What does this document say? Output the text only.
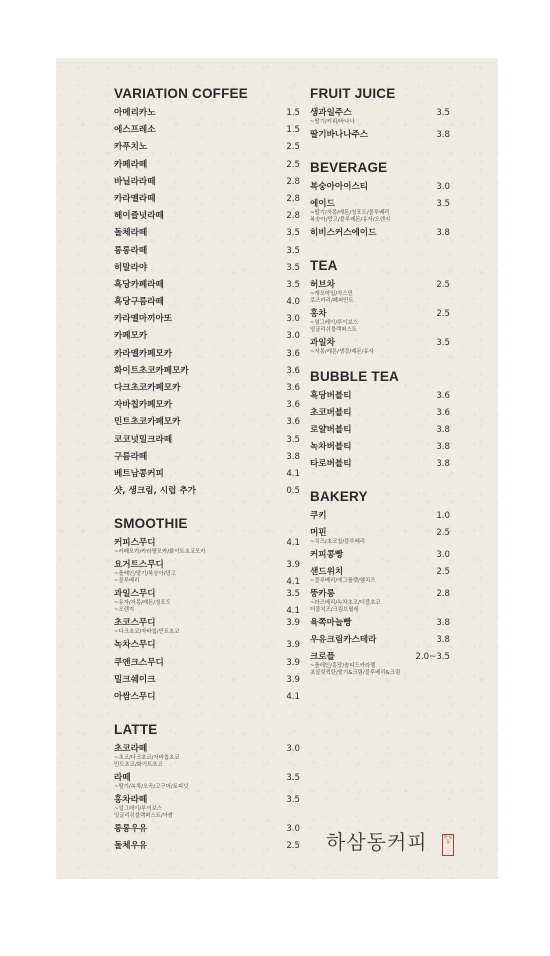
VARIATION COFFEE
아메리카노	1.5
에스프레소	1.5
카푸치노	2.5
카페라떼	2.5
바닐라라떼	2.8
카라멜라떼	2.8
헤이즐넛라떼	2.8
돌체라떼	3.5
롱롱라떼	3.5
히말라야	3.5
흑당카페라떼	3.5
흑당구름라떼	4.0
카라멜마끼아또	3.0
카페모카	3.0
카라멜카페모카	3.6
화이트초코카페모카	3.6
다크초코카페모카	3.6
자바칩카페모카	3.6
민트초코카페모카	3.6
코코넛밀크라떼	3.5
구름라떼	3.8
베트남콩커피	4.1
샷, 생크림, 시럽 추가	0.5
SMOOTHIE
커피스무디	4.1
~카페모카/카라멜모카/화이트초코모카
요거트스무디	3.9
~플레인/딸기/복숭아/망고
~블루베리	4.1
과일스무디	3.5
~유자/자몽/레몬/청포도
~오렌지	4.1
초코스무디	3.9
~다크초코/자바칩/민트초코
녹차스무디	3.9
쿠앤크스무디	3.9
밀크쉐이크	3.9
아쌈스무디	4.1
LATTE
초코라떼	3.0
~초코/다크초코/자바칩초코
민트초코/화이트초코
라떼	3.5
~딸기/녹차/오곡/고구마/토피넛
홍차라떼	3.5
~얼그레이/루이보스
잉글리쉬블랙퍼스트/아쌈
롱롱우유	3.0
돌체우유	2.5
FRUIT JUICE
생과일주스	3.5
~딸기/키위/바나나
딸기바나나주스	3.8
BEVERAGE
복숭아아이스티	3.0
에이드	3.5
~딸기/자몽/레몬/청포도/블루베리
복숭아/망고/블루레몬/유자/오렌지
히비스커스에이드	3.8
TEA
허브차	2.5
~캐모마일/자스민
로즈마리/페퍼민트
홍차	2.5
~얼그레이/루이보스
잉글리쉬블랙퍼스트
과일차	3.5
~자몽/레몬/생강/레몬/유자
BUBBLE TEA
흑당버블티	3.6
초코버블티	3.6
로얄버블티	3.8
녹차버블티	3.8
타로버블티	3.8
BAKERY
쿠키	1.0
머핀	2.5
~치즈/초코칩/블루베리
커피콩빵	3.0
샌드위치	2.5
~블루베리/에그플랫/햄치즈
뚱카롱	2.8
~라즈베리/녹차초코/더블초코
더블치즈/크림브륄레
육쪽마늘빵	3.8
우유크림카스테라	3.8
크로플	2.0~3.5
~플레인/흑당/솔티드카라멜
초콜릿퀵탄/딸기&크림/블루베리&크림
하삼동커피	하삼동
